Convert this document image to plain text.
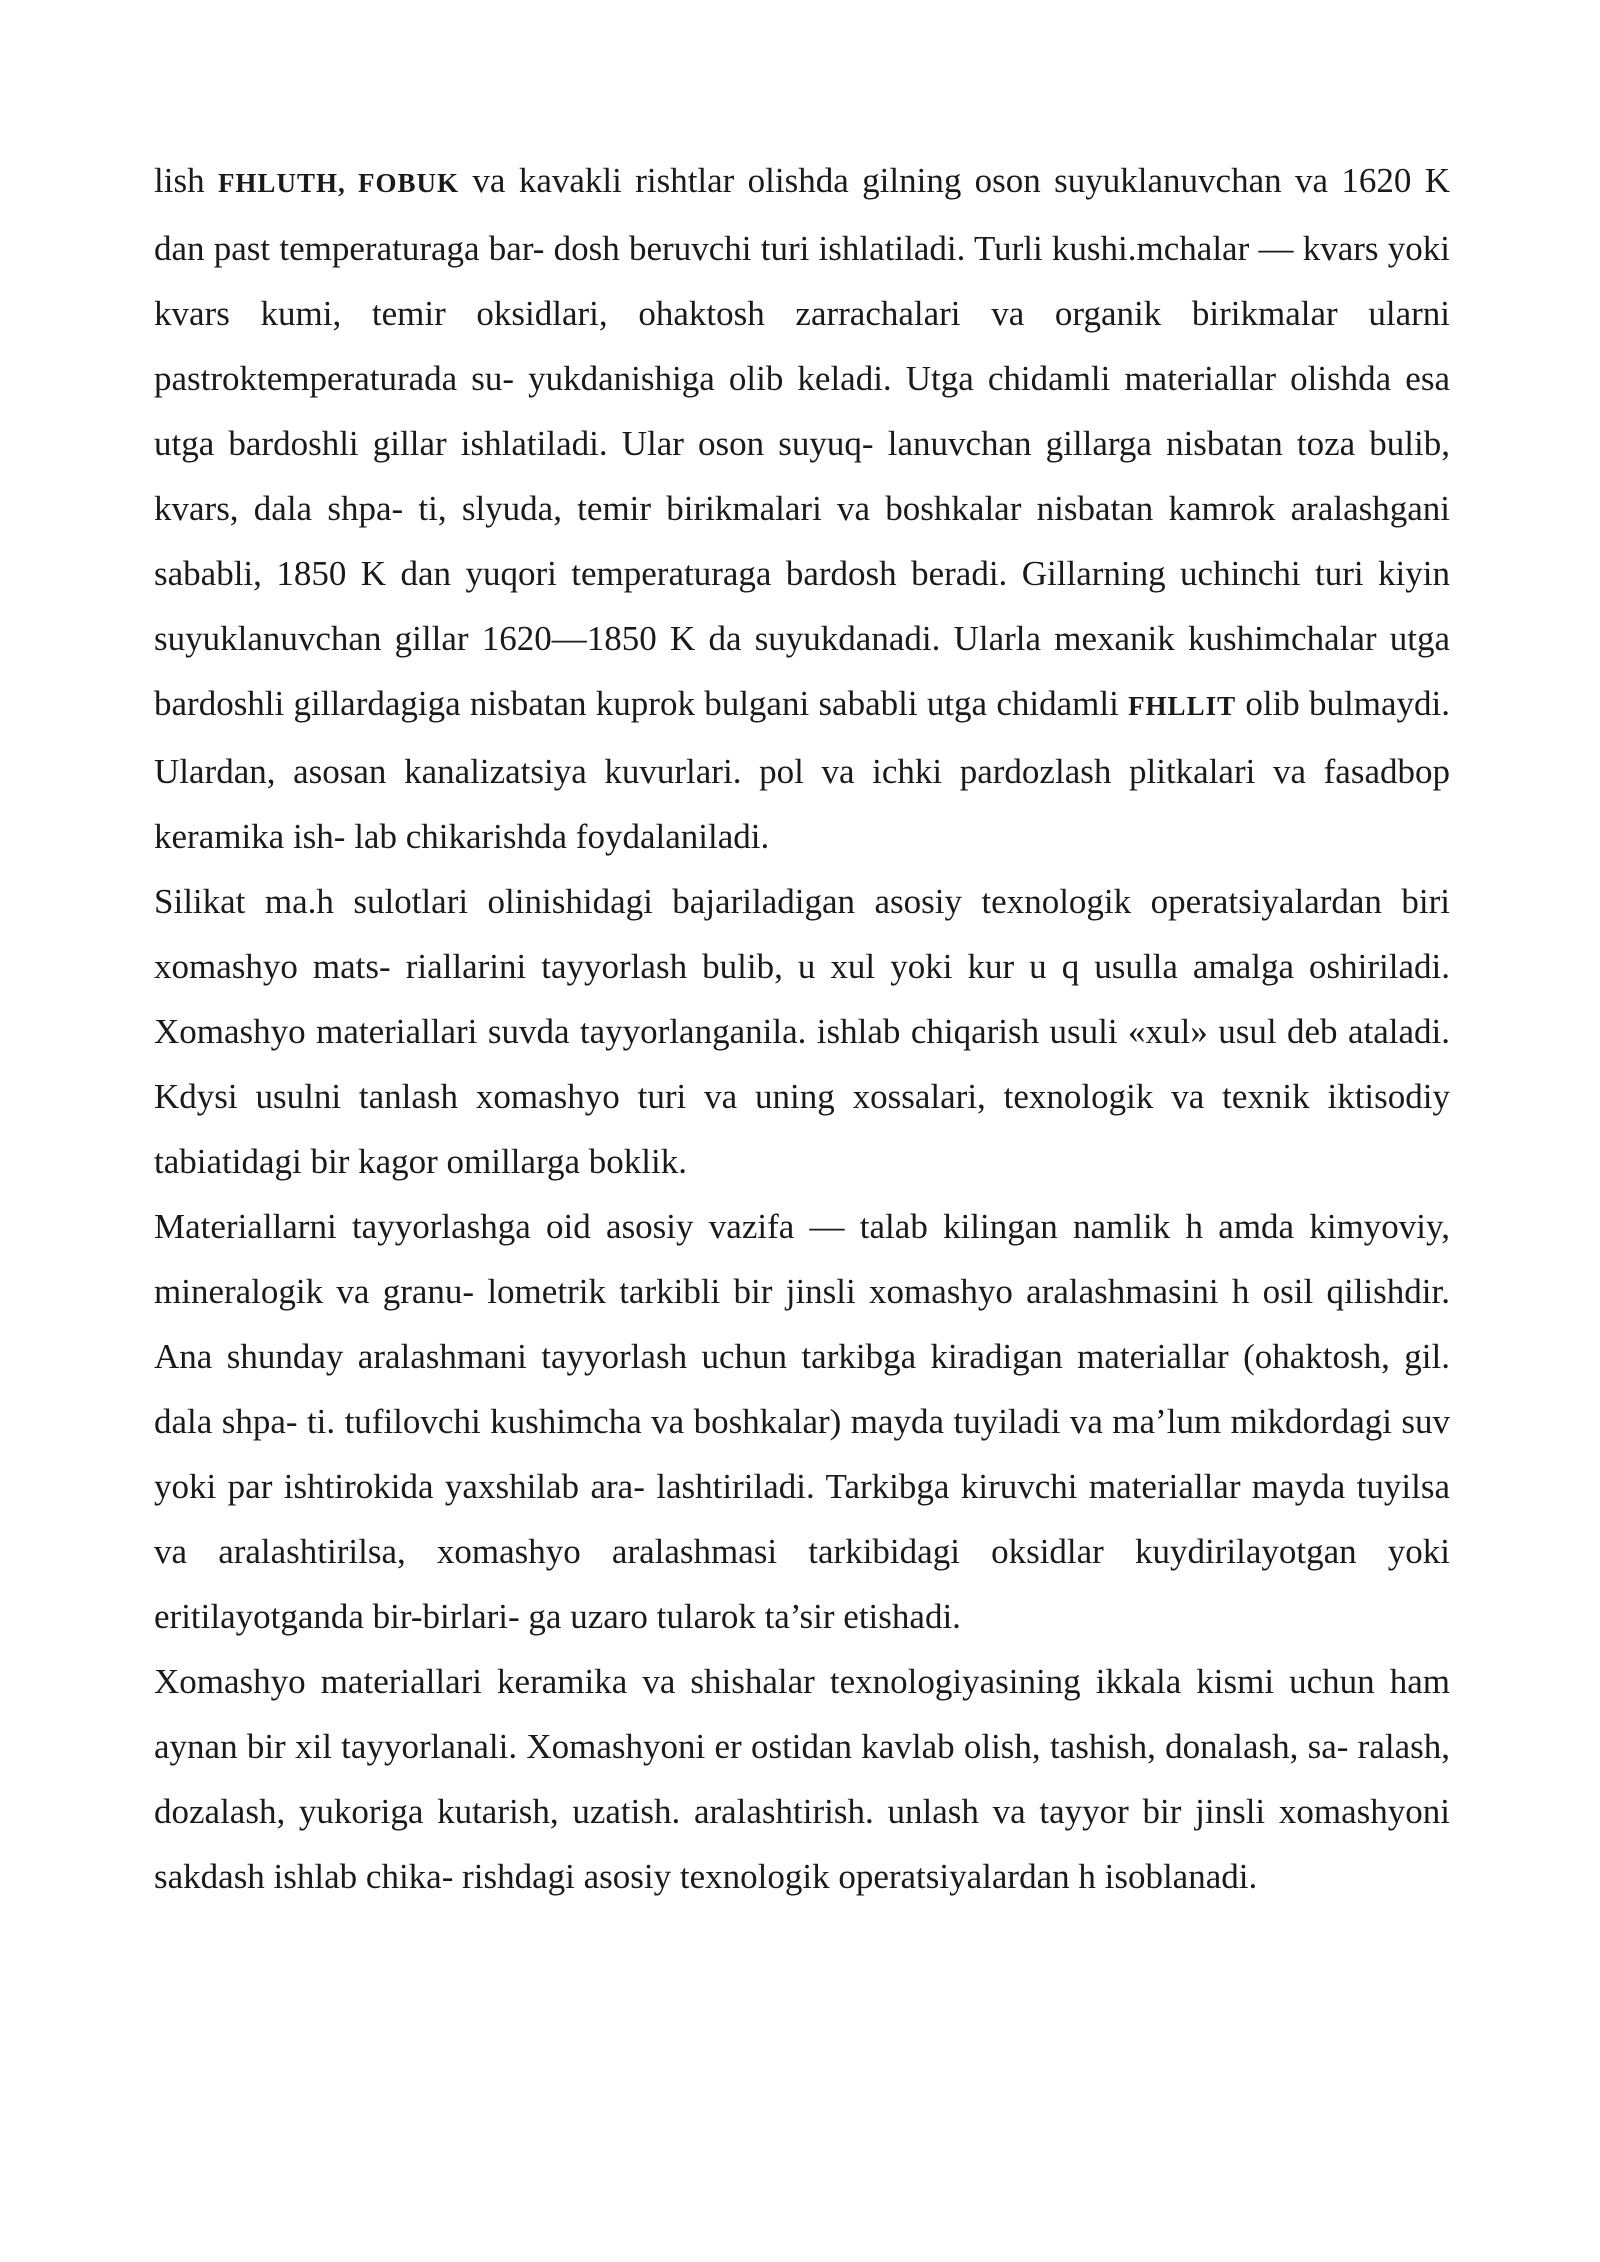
lish FHLUTH, FOBUK va kavakli rishtlar olishda gilning oson suyuklanuvchan va 1620 K dan past temperaturaga bar- dosh beruvchi turi ishlatiladi. Turli kushi.mchalar — kvars yoki kvars kumi, temir oksidlari, ohaktosh zarrachalari va organik birikmalar ularni pastroktemperaturada su- yukdanishiga olib keladi. Utga chidamli materiallar olishda esa utga bardoshli gillar ishlatiladi. Ular oson suyuq- lanuvchan gillarga nisbatan toza bulib, kvars, dala shpa- ti, slyuda, temir birikmalari va boshkalar nisbatan kamrok aralashgani sababli, 1850 K dan yuqori temperaturaga bardosh beradi. Gillarning uchinchi turi kiyin suyuklanuvchan gillar 1620—1850 K da suyukdanadi. Ularla mexanik kushimchalar utga bardoshli gillardagiga nisbatan kuprok bulgani sababli utga chidamli FHLLIT olib bulmaydi. Ulardan, asosan kanalizatsiya kuvurlari. pol va ichki pardozlash plitkalari va fasadbop keramika ish- lab chikarishda foydalaniladi.

Silikat ma.h sulotlari olinishidagi bajariladigan asosiy texnologik operatsiyalardan biri xomashyo mats- riallarini tayyorlash bulib, u xul yoki kur u q usulla amalga oshiriladi. Xomashyo materiallari suvda tayyorlanganila. ishlab chiqarish usuli «xul» usul deb ataladi. Kdysi usulni tanlash xomashyo turi va uning xossalari, texnologik va texnik iktisodiy tabiatidagi bir kagor omillarga boklik.

Materiallarni tayyorlashga oid asosiy vazifa — talab kilingan namlik h amda kimyoviy, mineralogik va granu- lometrik tarkibli bir jinsli xomashyo aralashmasini h osil qilishdir. Ana shunday aralashmani tayyorlash uchun tarkibga kiradigan materiallar (ohaktosh, gil. dala shpa- ti. tufilovchi kushimcha va boshkalar) mayda tuyiladi va ma’lum mikdordagi suv yoki par ishtirokida yaxshilab ara- lashtiriladi. Tarkibga kiruvchi materiallar mayda tuyilsa va aralashtirilsa, xomashyo aralashmasi tarkibidagi oksidlar kuydirilayotgan yoki eritilayotganda bir-birlari- ga uzaro tularok ta’sir etishadi.

Xomashyo materiallari keramika va shishalar texnologiyasining ikkala kismi uchun ham aynan bir xil tayyorlanali. Xomashyoni er ostidan kavlab olish, tashish, donalash, sa- ralash, dozalash, yukoriga kutarish, uzatish. aralashtirish. unlash va tayyor bir jinsli xomashyoni sakdash ishlab chika- rishdagi asosiy texnologik operatsiyalardan h isoblanadi.
